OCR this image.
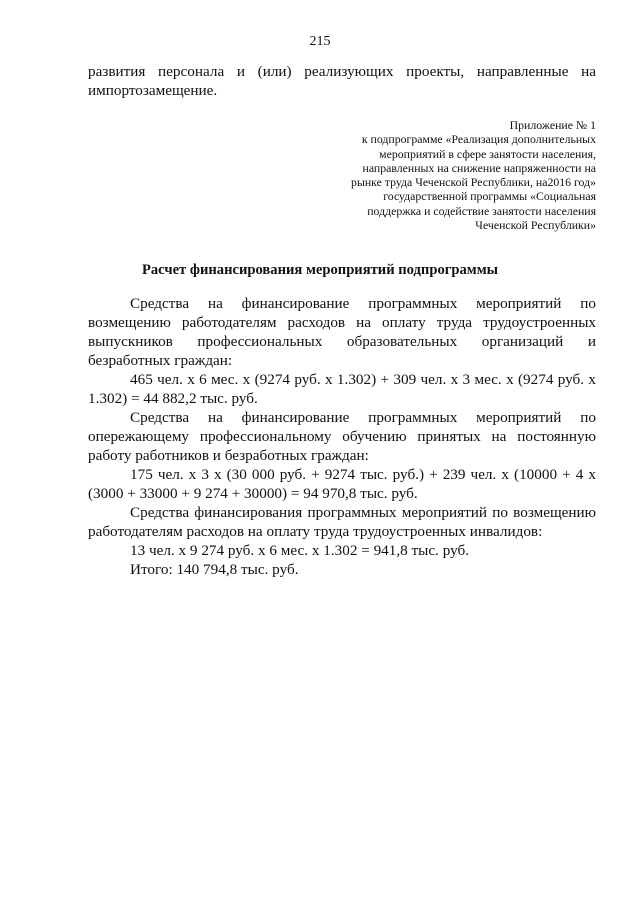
215

развития персонала и (или) реализующих проекты, направленные на

импортозамещение.

Приложение № 1
к подпрограмме «Реализация дополнительных
мероприятий в сфере занятости населения,
направленных на снижение напряженности на
рынке труда Чеченской Республики, на2016 год»
государственной программы «Социальная
поддержка и содействие занятости населения
Чеченской Республики»
Расчет финансирования мероприятий подпрограммы
Средства на финансирование программных мероприятий по
возмещению работодателям расходов на оплату труда трудоустроенных
выпускников профессиональных образовательных организаций и
безработных граждан:
465 чел. х 6 мес. х (9274 руб. х 1.302) + 309 чел. х 3 мес. х (9274 руб. х
1.302) = 44 882,2 тыс. руб.
Средства на финансирование программных мероприятий по
опережающему профессиональному обучению принятых на постоянную
работу работников и безработных граждан:
175 чел. х 3 х (30 000 руб. + 9274 тыс. руб.) + 239 чел. х (10000 + 4 х
(3000 + 33000 + 9 274 + 30000) = 94 970,8 тыс. руб.
Средства финансирования программных мероприятий по возмещению
работодателям расходов на оплату труда трудоустроенных инвалидов:
13 чел. х 9 274 руб. х 6 мес. х 1.302 = 941,8 тыс. руб.
Итого: 140 794,8 тыс. руб.
